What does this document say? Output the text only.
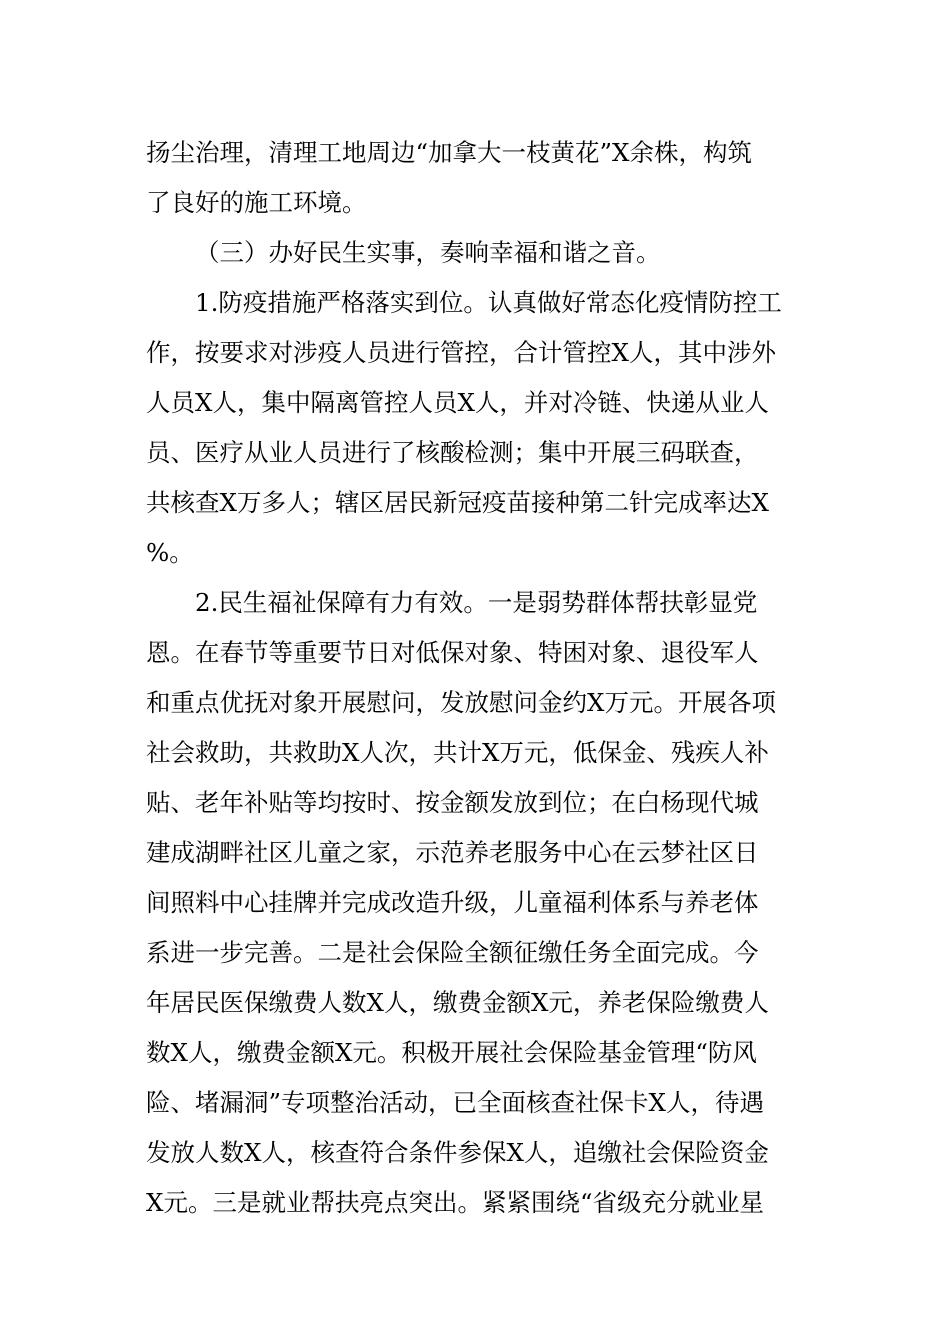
扬尘治理，清理工地周边“加拿大一枝黄花”X余株，构筑
了良好的施工环境。

（三）办好民生实事，奏响幸福和谐之音。

1.防疫措施严格落实到位。认真做好常态化疫情防控工
作，按要求对涉疫人员进行管控，合计管控X人，其中涉外
人员X人，集中隔离管控人员X人，并对冷链、快递从业人
员、医疗从业人员进行了核酸检测；集中开展三码联查，
共核查X万多人；辖区居民新冠疫苗接种第二针完成率达X
%。

2.民生福祉保障有力有效。一是弱势群体帮扶彰显党
恩。在春节等重要节日对低保对象、特困对象、退役军人
和重点优抚对象开展慰问，发放慰问金约X万元。开展各项
社会救助，共救助X人次，共计X万元，低保金、残疾人补
贴、老年补贴等均按时、按金额发放到位；在白杨现代城
建成湖畔社区儿童之家，示范养老服务中心在云梦社区日
间照料中心挂牌并完成改造升级，儿童福利体系与养老体
系进一步完善。二是社会保险全额征缴任务全面完成。今
年居民医保缴费人数X人，缴费金额X元，养老保险缴费人
数X人，缴费金额X元。积极开展社会保险基金管理“防风
险、堵漏洞”专项整治活动，已全面核查社保卡X人，待遇
发放人数X人，核查符合条件参保X人，追缴社会保险资金
X元。三是就业帮扶亮点突出。紧紧围绕“省级充分就业星
